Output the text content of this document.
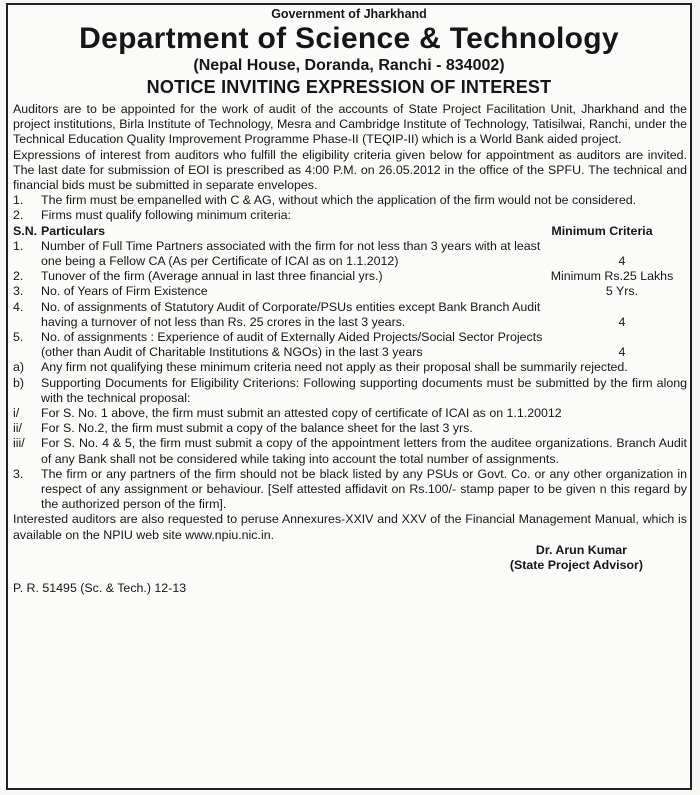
Government of Jharkhand
Department of Science & Technology
(Nepal House, Doranda, Ranchi - 834002)
NOTICE INVITING EXPRESSION OF INTEREST

Auditors are to be appointed for the work of audit of the accounts of State Project Facilitation Unit, Jharkhand and the project institutions, Birla Institute of Technology, Mesra and Cambridge Institute of Technology, Tatisilwai, Ranchi, under the Technical Education Quality Improvement Programme Phase-II (TEQIP-II) which is a World Bank aided project.

Expressions of interest from auditors who fulfill the eligibility criteria given below for appointment as auditors are invited. The last date for submission of EOI is prescribed as 4:00 P.M. on 26.05.2012 in the office of the SPFU. The technical and financial bids must be submitted in separate envelopes.

1.	The firm must be empanelled with C & AG, without which the application of the firm would not be considered.
2.	Firms must qualify following minimum criteria:
S.N. Particulars	Minimum Criteria
1.	Number of Full Time Partners associated with the firm for not less than 3 years with at least one being a Fellow CA (As per Certificate of ICAI as on 1.1.2012)	4
2.	Tunover of the firm (Average annual in last three financial yrs.)	Minimum Rs.25 Lakhs
3.	No. of Years of Firm Existence	5 Yrs.
4.	No. of assignments of Statutory Audit of Corporate/PSUs entities except Bank Branch Audit having a turnover of not less than Rs. 25 crores in the last 3 years.	4
5.	No. of assignments : Experience of audit of Externally Aided Projects/Social Sector Projects (other than Audit of Charitable Institutions & NGOs) in the last 3 years	4
a)	Any firm not qualifying these minimum criteria need not apply as their proposal shall be summarily rejected.
b)	Supporting Documents for Eligibility Criterions: Following supporting documents must be submitted by the firm along with the technical proposal:
i/	For S. No. 1 above, the firm must submit an attested copy of certificate of ICAI as on 1.1.20012
ii/	For S. No.2, the firm must submit a copy of the balance sheet for the last 3 yrs.
iii/	For S. No. 4 & 5, the firm must submit a copy of the appointment letters from the auditee organizations. Branch Audit of any Bank shall not be considered while taking into account the total number of assignments.
3.	The firm or any partners of the firm should not be black listed by any PSUs or Govt. Co. or any other organization in respect of any assignment or behaviour. [Self attested affidavit on Rs.100/- stamp paper to be given n this regard by the authorized person of the firm].

Interested auditors are also requested to peruse Annexures-XXIV and XXV of the Financial Management Manual, which is available on the NPIU web site www.npiu.nic.in.

Dr. Arun Kumar
(State Project Advisor)
P. R. 51495 (Sc. & Tech.) 12-13
